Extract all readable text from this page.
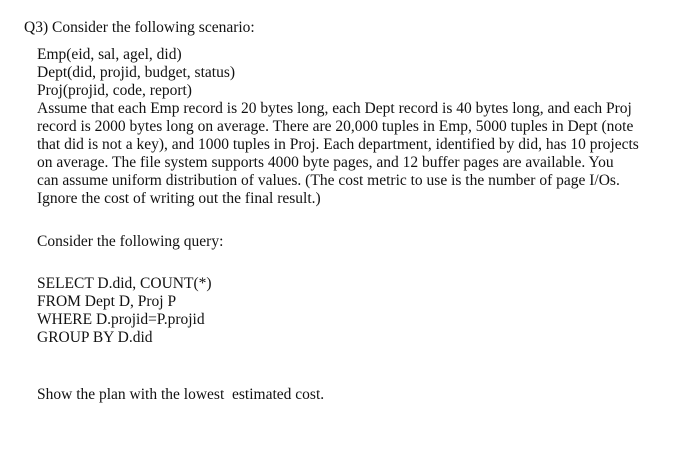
Q3) Consider the following scenario:
Emp(eid, sal, agel, did)
Dept(did, projid, budget, status)
Proj(projid, code, report)
Assume that each Emp record is 20 bytes long, each Dept record is 40 bytes long, and each Proj
record is 2000 bytes long on average. There are 20,000 tuples in Emp, 5000 tuples in Dept (note
that did is not a key), and 1000 tuples in Proj. Each department, identified by did, has 10 projects
on average. The file system supports 4000 byte pages, and 12 buffer pages are available. You
can assume uniform distribution of values. (The cost metric to use is the number of page I/Os.
Ignore the cost of writing out the final result.)
Consider the following query:
SELECT D.did, COUNT(*)
FROM Dept D, Proj P
WHERE D.projid=P.projid
GROUP BY D.did
Show the plan with the lowest  estimated cost.
